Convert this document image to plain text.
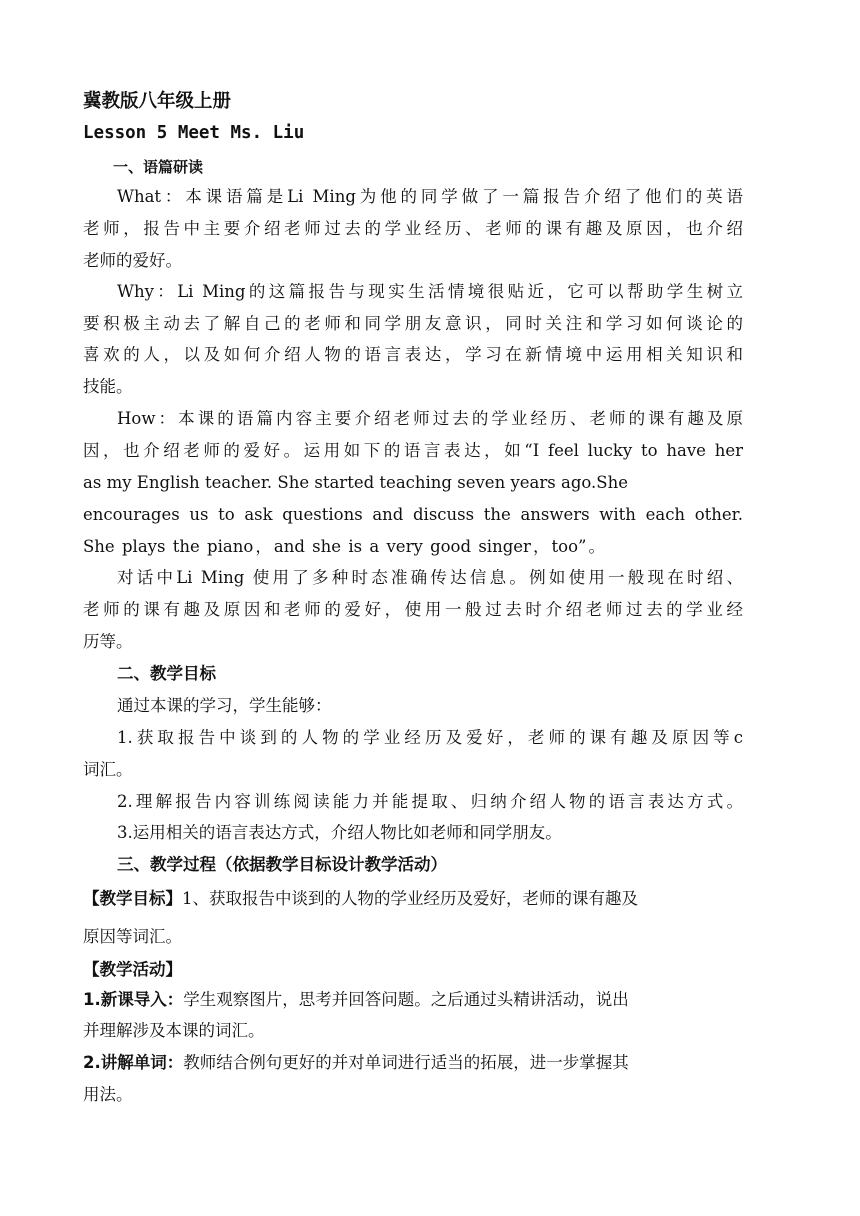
冀教版八年级上册
Lesson 5 Meet Ms. Liu
一、语篇研读
What：本课语篇是Li Ming为他的同学做了一篇报告介绍了他们的英语
老师，报告中主要介绍老师过去的学业经历、老师的课有趣及原因，也介绍
老师的爱好。
Why：Li Ming的这篇报告与现实生活情境很贴近，它可以帮助学生树立
要积极主动去了解自己的老师和同学朋友意识，同时关注和学习如何谈论的
喜欢的人，以及如何介绍人物的语言表达，学习在新情境中运用相关知识和
技能。
How：本课的语篇内容主要介绍老师过去的学业经历、老师的课有趣及原
因，也介绍老师的爱好。运用如下的语言表达，如“I feel lucky to have her
as my English teacher. She started teaching seven years ago.She
encourages us to ask questions and discuss the answers with each other.
She plays the piano，and she is a very good singer，too”。
对话中Li Ming 使用了多种时态准确传达信息。例如使用一般现在时绍、
老师的课有趣及原因和老师的爱好，使用一般过去时介绍老师过去的学业经
历等。
二、教学目标
通过本课的学习，学生能够：
1.获取报告中谈到的人物的学业经历及爱好，老师的课有趣及原因等c
词汇。
2.理解报告内容训练阅读能力并能提取、归纳介绍人物的语言表达方式。
3.运用相关的语言表达方式，介绍人物比如老师和同学朋友。
三、教学过程（依据教学目标设计教学活动）
【教学目标】1、获取报告中谈到的人物的学业经历及爱好，老师的课有趣及
原因等词汇。
【教学活动】
1.新课导入：学生观察图片，思考并回答问题。之后通过头精讲活动，说出
并理解涉及本课的词汇。
2.讲解单词：教师结合例句更好的并对单词进行适当的拓展，进一步掌握其
用法。
